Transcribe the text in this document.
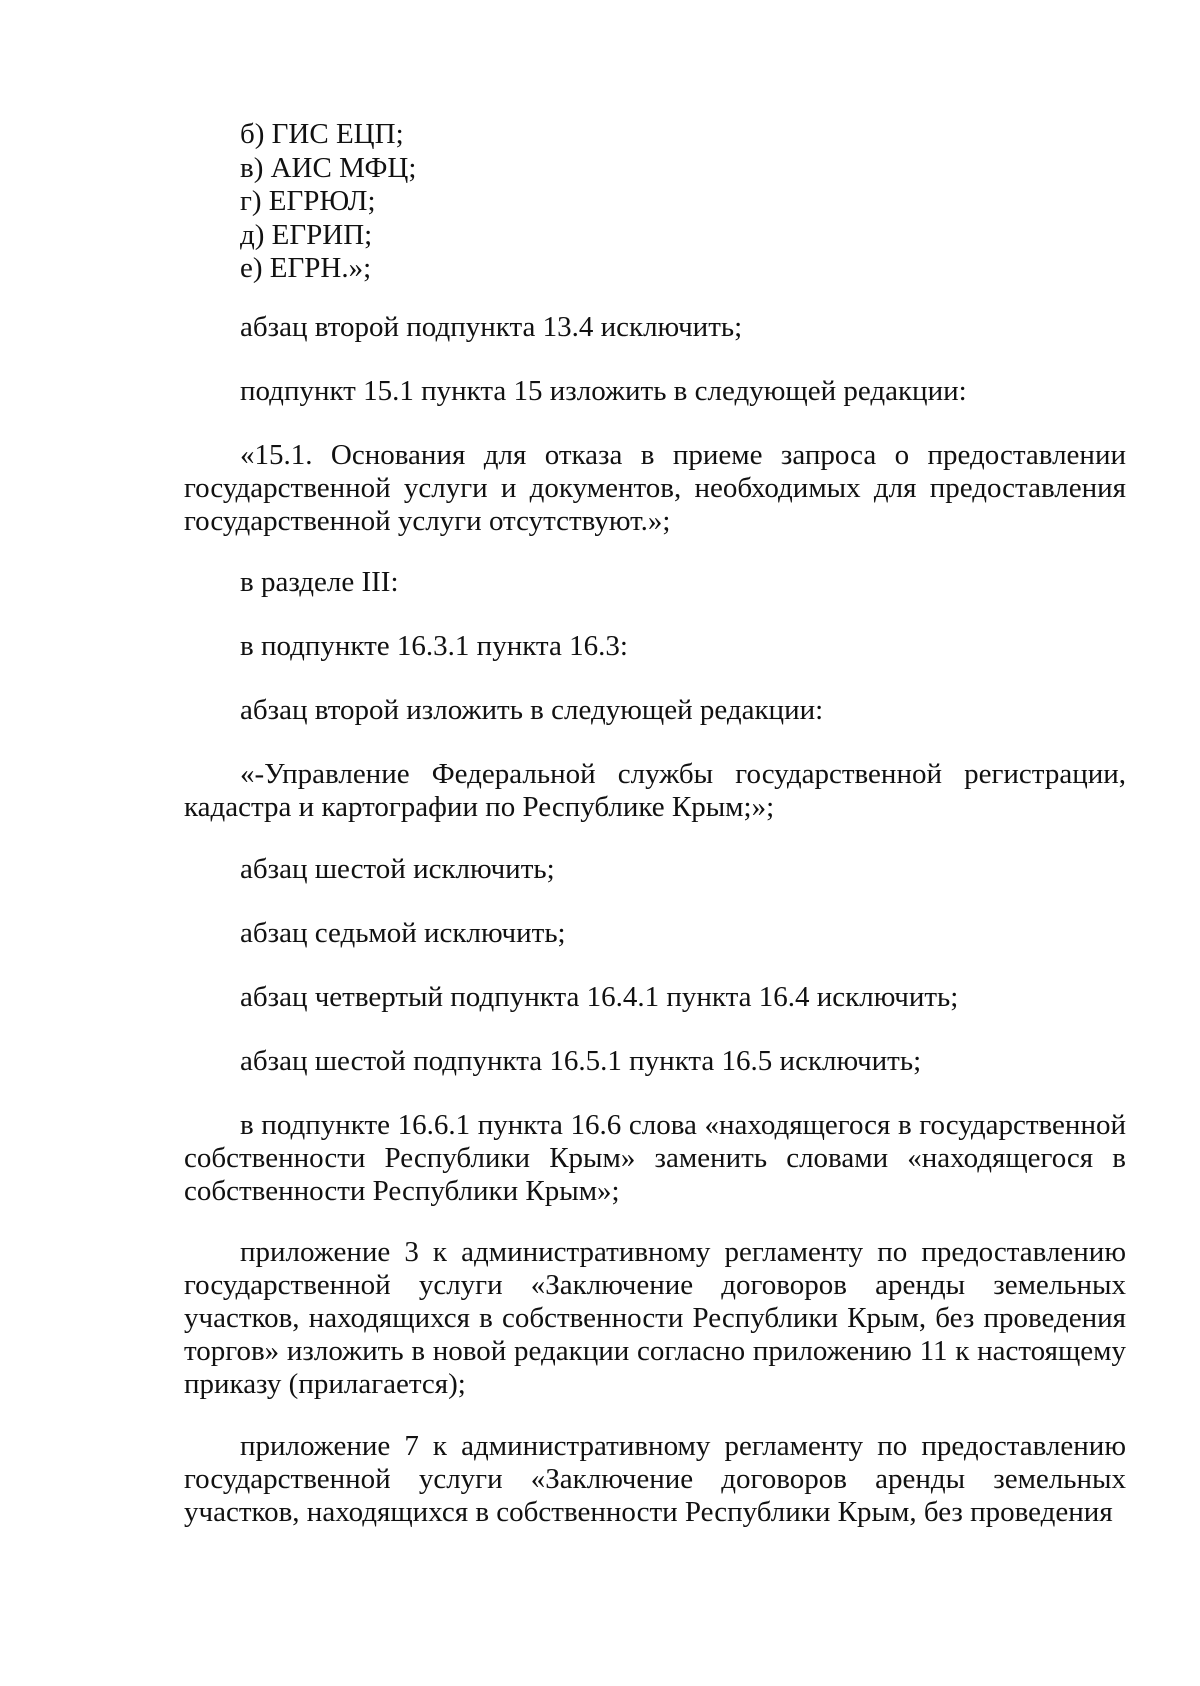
б) ГИС ЕЦП;
в) АИС МФЦ;
г) ЕГРЮЛ;
д) ЕГРИП;
е) ЕГРН.»;

абзац второй подпункта 13.4 исключить;

подпункт 15.1 пункта 15 изложить в следующей редакции:

«15.1. Основания для отказа в приеме запроса о предоставлении государственной услуги и документов, необходимых для предоставления государственной услуги отсутствуют.»;

в разделе III:

в подпункте 16.3.1 пункта 16.3:

абзац второй изложить в следующей редакции:

«-Управление Федеральной службы государственной регистрации, кадастра и картографии по Республике Крым;»;

абзац шестой исключить;

абзац седьмой исключить;

абзац четвертый подпункта 16.4.1 пункта 16.4 исключить;

абзац шестой подпункта 16.5.1 пункта 16.5 исключить;

в подпункте 16.6.1 пункта 16.6 слова «находящегося в государственной собственности Республики Крым» заменить словами «находящегося в собственности Республики Крым»;

приложение 3 к административному регламенту по предоставлению государственной услуги «Заключение договоров аренды земельных участков, находящихся в собственности Республики Крым, без проведения торгов» изложить в новой редакции согласно приложению 11 к настоящему приказу (прилагается);

приложение 7 к административному регламенту по предоставлению государственной услуги «Заключение договоров аренды земельных участков, находящихся в собственности Республики Крым, без проведения
